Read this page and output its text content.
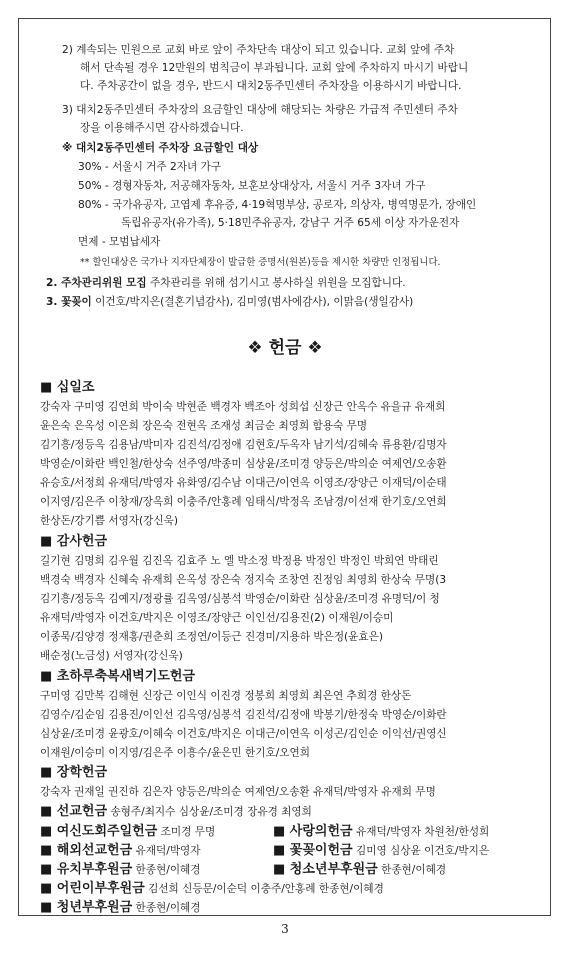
2) 계속되는 민원으로 교회 바로 앞이 주차단속 대상이 되고 있습니다. 교회 앞에 주차
해서 단속될 경우 12만원의 범칙금이 부과됩니다. 교회 앞에 주차하지 마시기 바랍니
다. 주차공간이 없을 경우, 반드시 대치2동주민센터 주차장을 이용하시기 바랍니다.
3) 대치2동주민센터 주차장의 요금할인 대상에 해당되는 차량은 가급적 주민센터 주차
장을 이용해주시면 감사하겠습니다.
※ 대치2동주민센터 주차장 요금할인 대상
30% - 서울시 거주 2자녀 가구
50% - 경형자동차, 저공해자동차, 보훈보상대상자, 서울시 거주 3자녀 가구
80% - 국가유공자, 고엽제 후유증, 4·19혁명부상, 공로자, 의상자, 병역명문가, 장애인
독립유공자(유가족), 5·18민주유공자, 강남구 거주 65세 이상 자가운전자
면제 - 모범납세자
** 할인대상은 국가나 지자단체장이 발급한 증명서(원본)등을 제시한 차량만 인정됩니다.
2. 주차관리위원 모집 주차관리를 위해 섬기시고 봉사하실 위원을 모집합니다.
3. 꽃꽂이 이건호/박지은(결혼기념감사), 김미영(범사에감사), 이맑음(생일감사)
❖ 헌금 ❖
■ 십일조
강숙자 구미영 김연희 박이숙 박현준 백경자 백조아 성희섭 신장근 안옥수 유을규 유재희
윤은숙 은옥성 이은희 장은숙 전현옥 조재성 최금순 최영희 함용숙 무명
김기흥/정등옥 김용남/박미자 김진석/김정애 김현호/두옥자 남기석/김혜숙 류용환/김명자
박영순/이화란 백인철/한상숙 선주영/박종미 심상윤/조미경 양등은/박의순 여제연/오송환
유승호/서정희 유재덕/박영자 유화영/김수남 이대근/이연옥 이영조/장양근 이재덕/이순태
이지영/김은주 이창재/장옥희 이충주/안홍례 임태식/박정옥 조남경/이선재 한기호/오연희
한상돈/강기쁨 서영자(강신욱)
■ 감사헌금
길기현 김명희 김우월 김진옥 김효주 노 엘 박소정 박정용 박정인 박정인 박희연 박태린
백경숙 백경자 신혜숙 유재희 은옥성 장은숙 정지숙 조창연 진정임 최영희 한상숙 무명(3
김기흥/정등옥 김예지/정광률 김옥영/심봉석 박영순/이화란 심상윤/조미경 유명덕/이 청
유재덕/박영자 이건호/박지은 이영조/장양근 이인선/김용진(2) 이재원/이승미
이종묵/김양경 정재홍/권춘희 조정연/이등근 진경미/지용하 박은정(윤효은)
배순정(노금성) 서영자(강신욱)
■ 초하루축복새벽기도헌금
구미영 김만복 김해현 신장근 이인식 이진경 정봉희 최영희 최은연 추희경 한상돈
김영수/김순임 김용진/이인선 김옥영/심봉석 김진석/김정애 박봉기/한정숙 박영순/이화란
심상윤/조미경 윤광호/이혜숙 이건호/박지은 이대근/이연옥 이성곤/김인순 이익선/권영신
이재원/이승미 이지영/김은주 이흥수/윤은민 한기호/오연희
■ 장학헌금
강숙자 권재일 권진하 김은자 양등은/박의순 여제연/오송환 유재덕/박영자 유재희 무명
■ 선교헌금 송형주/최지수 심상윤/조미경 장유경 최영희
■ 여신도회주일헌금 조미경 무명	■ 사랑의헌금 유재덕/박영자 차원천/한성희
■ 해외선교헌금 유재덕/박영자	■ 꽃꽂이헌금 김미영 심상윤 이건호/박지은
■ 유치부후원금 한종현/이혜경	■ 청소년부후원금 한종현/이혜경
■ 어린이부후원금 김선희 신등문/이순덕 이충주/안홍례 한종현/이혜경
■ 청년부후원금 한종현/이혜경
3
